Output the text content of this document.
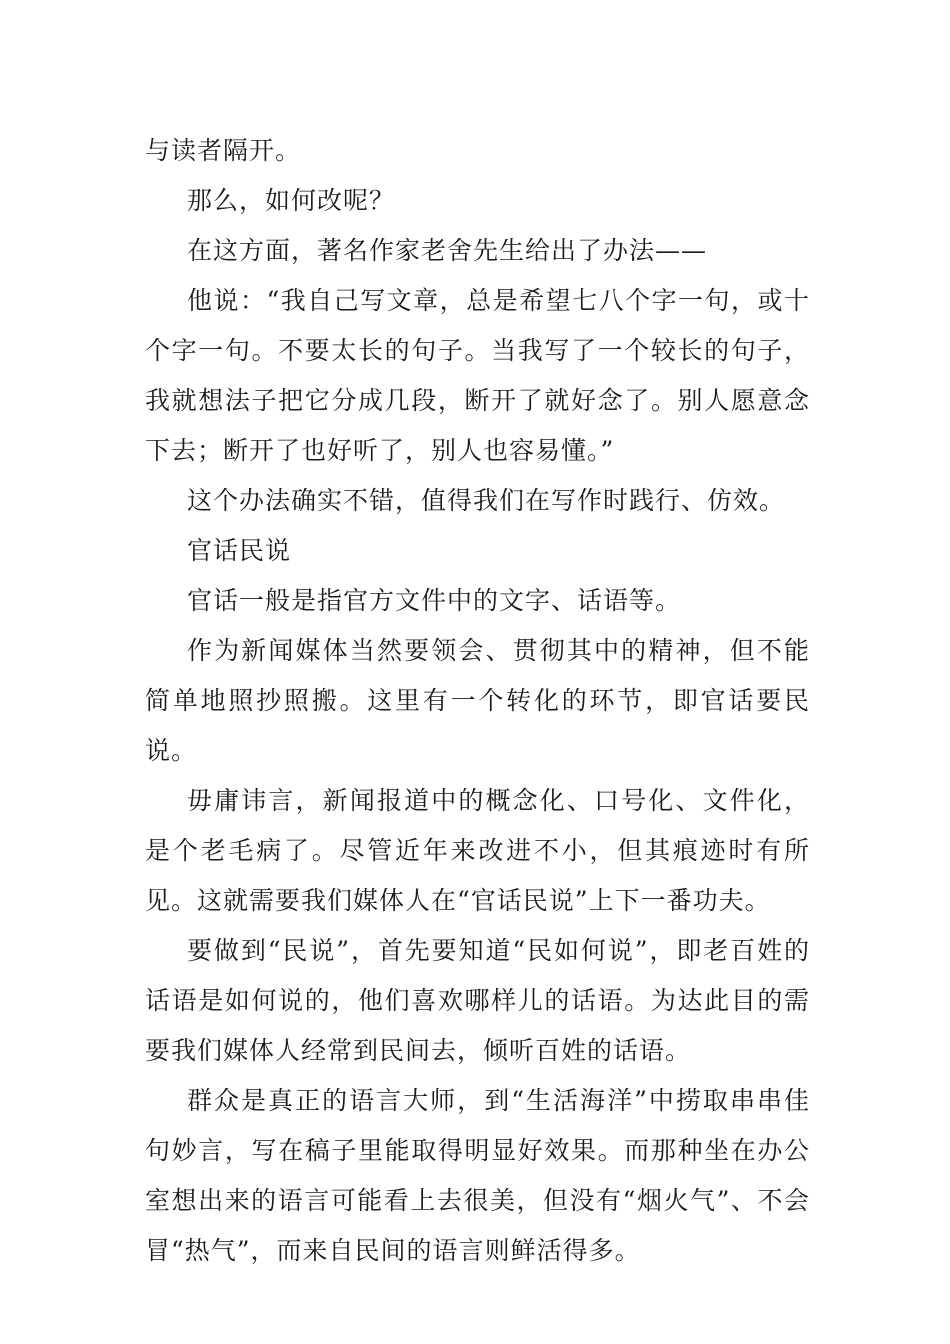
与读者隔开。

那么，如何改呢？

在这方面，著名作家老舍先生给出了办法——

他说：“我自己写文章，总是希望七八个字一句，或十个字一句。不要太长的句子。当我写了一个较长的句子，我就想法子把它分成几段，断开了就好念了。别人愿意念下去；断开了也好听了，别人也容易懂。”

这个办法确实不错，值得我们在写作时践行、仿效。

官话民说

官话一般是指官方文件中的文字、话语等。

作为新闻媒体当然要领会、贯彻其中的精神，但不能简单地照抄照搬。这里有一个转化的环节，即官话要民说。

毋庸讳言，新闻报道中的概念化、口号化、文件化，是个老毛病了。尽管近年来改进不小，但其痕迹时有所见。这就需要我们媒体人在“官话民说”上下一番功夫。

要做到“民说”，首先要知道“民如何说”，即老百姓的话语是如何说的，他们喜欢哪样儿的话语。为达此目的需要我们媒体人经常到民间去，倾听百姓的话语。

群众是真正的语言大师，到“生活海洋”中捞取串串佳句妙言，写在稿子里能取得明显好效果。而那种坐在办公室想出来的语言可能看上去很美，但没有“烟火气”、不会冒“热气”，而来自民间的语言则鲜活得多。
